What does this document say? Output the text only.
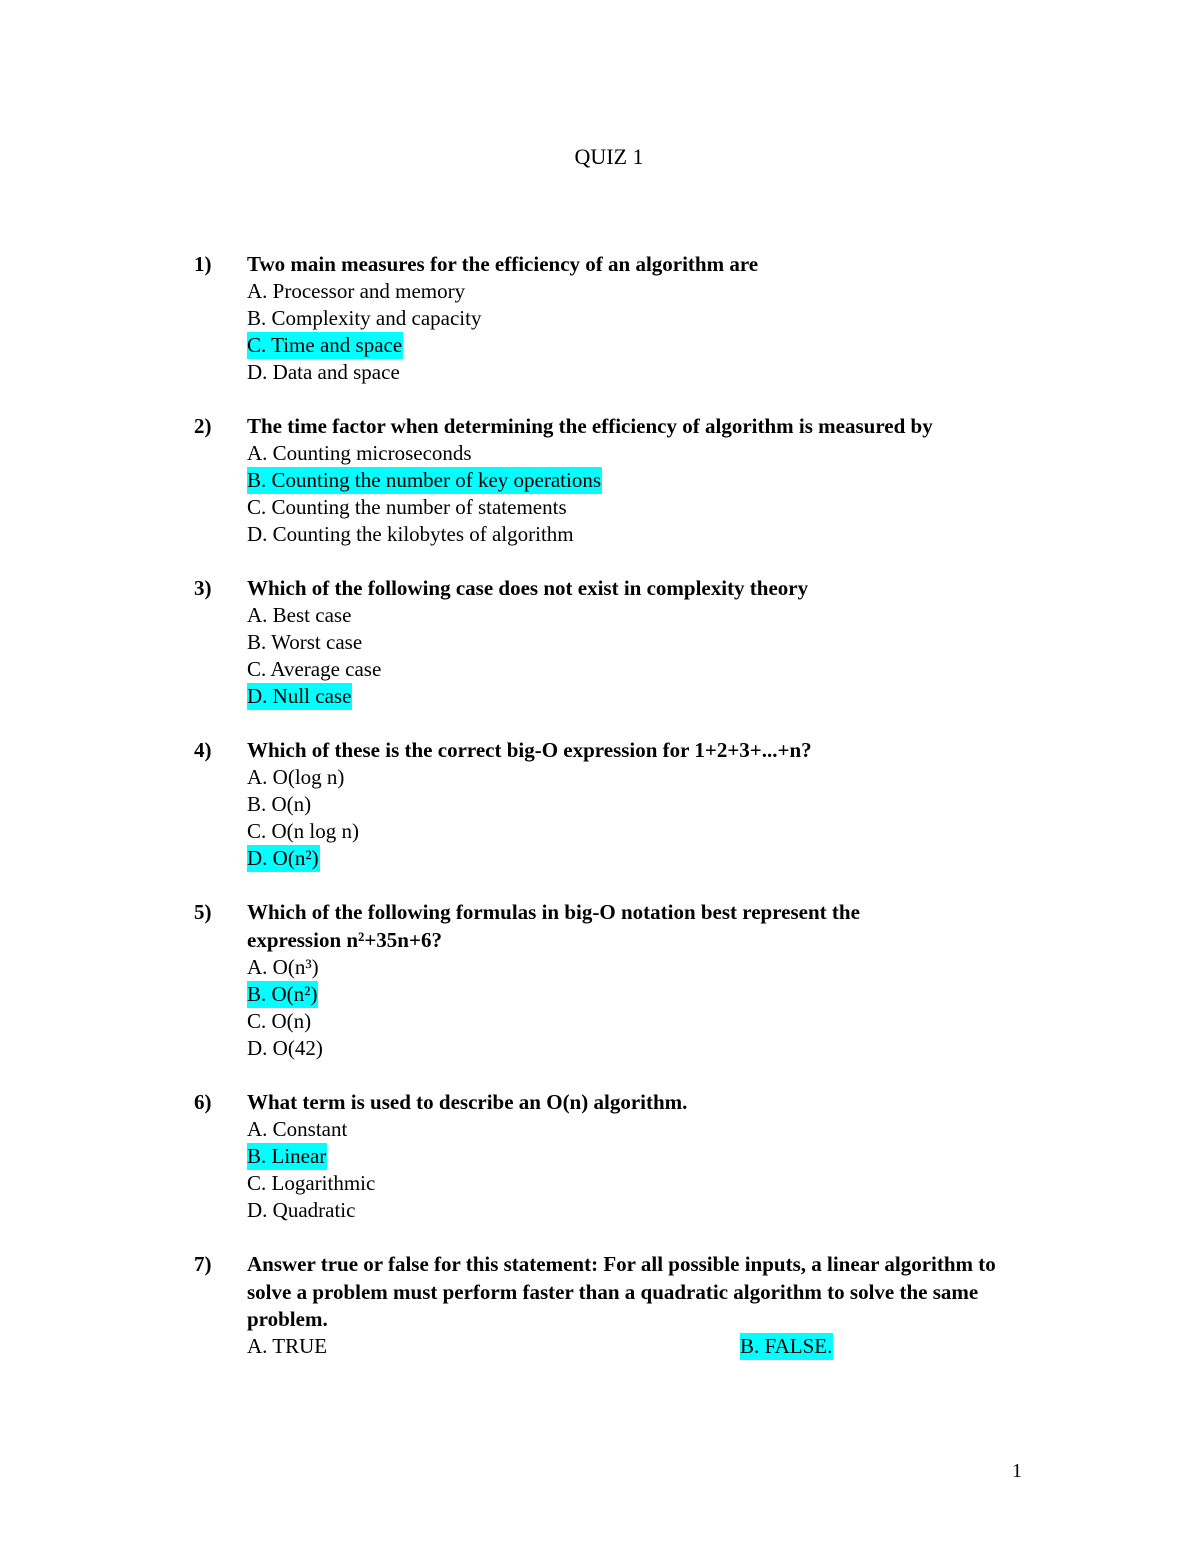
QUIZ 1
1) Two main measures for the efficiency of an algorithm are
A. Processor and memory
B. Complexity and capacity
C. Time and space
D. Data and space
2) The time factor when determining the efficiency of algorithm is measured by
A. Counting microseconds
B. Counting the number of key operations
C. Counting the number of statements
D. Counting the kilobytes of algorithm
3) Which of the following case does not exist in complexity theory
A. Best case
B. Worst case
C. Average case
D. Null case
4) Which of these is the correct big-O expression for 1+2+3+...+n?
A. O(log n)
B. O(n)
C. O(n log n)
D. O(n²)
5) Which of the following formulas in big-O notation best represent the expression n²+35n+6?
A. O(n³)
B. O(n²)
C. O(n)
D. O(42)
6) What term is used to describe an O(n) algorithm.
A. Constant
B. Linear
C. Logarithmic
D. Quadratic
7) Answer true or false for this statement: For all possible inputs, a linear algorithm to solve a problem must perform faster than a quadratic algorithm to solve the same problem.
A. TRUE	B. FALSE.
1
